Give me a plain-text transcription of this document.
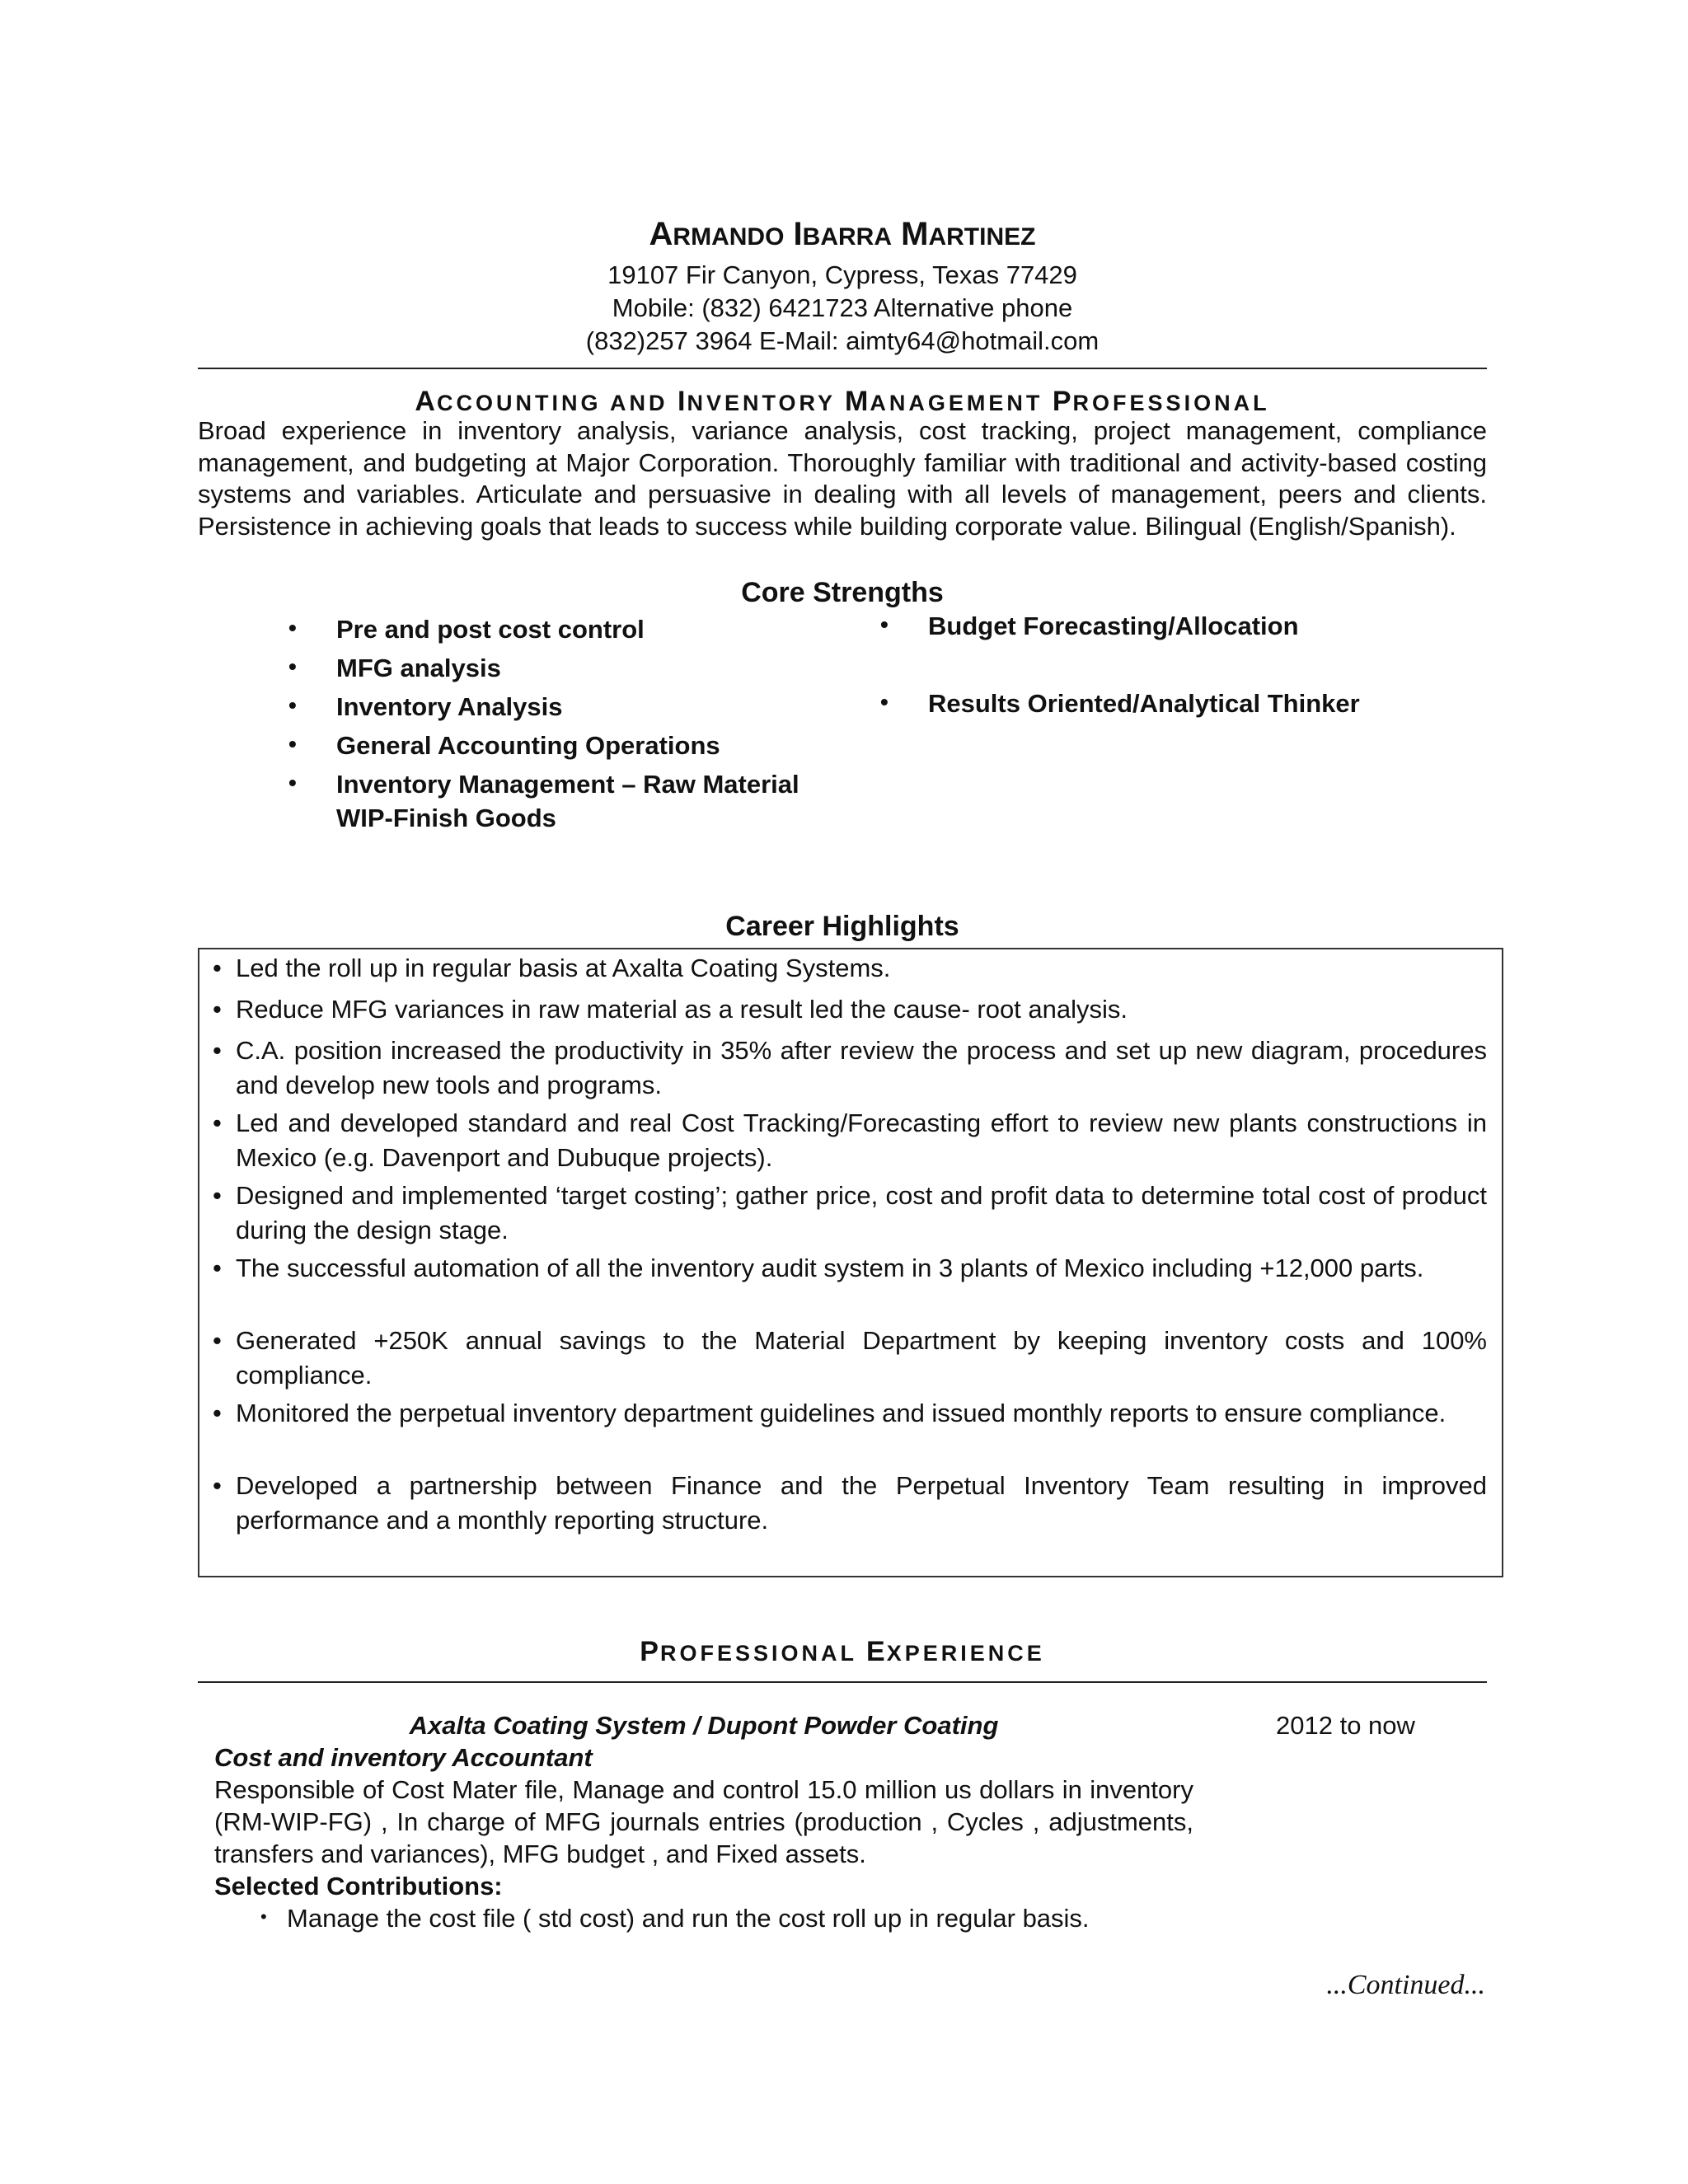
ARMANDO IBARRA MARTINEZ
19107 Fir Canyon, Cypress, Texas 77429
Mobile: (832) 6421723 Alternative phone
(832)257 3964 E-Mail: aimty64@hotmail.com
ACCOUNTING AND INVENTORY MANAGEMENT PROFESSIONAL
Broad experience in inventory analysis, variance analysis, cost tracking, project management, compliance management, and budgeting at Major Corporation. Thoroughly familiar with traditional and activity-based costing systems and variables. Articulate and persuasive in dealing with all levels of management, peers and clients. Persistence in achieving goals that leads to success while building corporate value. Bilingual (English/Spanish).
Core Strengths
• Pre and post cost control
• MFG analysis
• Inventory Analysis
• General Accounting Operations
• Inventory Management – Raw Material
WIP-Finish Goods
• Budget Forecasting/Allocation
• Results Oriented/Analytical Thinker
Career Highlights
• Led the roll up in regular basis at Axalta Coating Systems.
• Reduce MFG variances in raw material as a result led the cause- root analysis.
• C.A. position increased the productivity in 35% after review the process and set up new diagram, procedures and develop new tools and programs.
• Led and developed standard and real Cost Tracking/Forecasting effort to review new plants constructions in Mexico (e.g. Davenport and Dubuque projects).
• Designed and implemented ‘target costing’; gather price, cost and profit data to determine total cost of product during the design stage.
• The successful automation of all the inventory audit system in 3 plants of Mexico including +12,000 parts.
• Generated +250K annual savings to the Material Department by keeping inventory costs and 100% compliance.
• Monitored the perpetual inventory department guidelines and issued monthly reports to ensure compliance.
• Developed a partnership between Finance and the Perpetual Inventory Team resulting in improved performance and a monthly reporting structure.
PROFESSIONAL EXPERIENCE
Axalta Coating System / Dupont Powder Coating	2012 to now
Cost and inventory Accountant
Responsible of Cost Mater file, Manage and control 15.0 million us dollars in inventory (RM-WIP-FG) , In charge of MFG journals entries (production , Cycles , adjustments, transfers and variances), MFG budget , and Fixed assets.
Selected Contributions:
• Manage the cost file ( std cost) and run the cost roll up in regular basis.
...Continued...
